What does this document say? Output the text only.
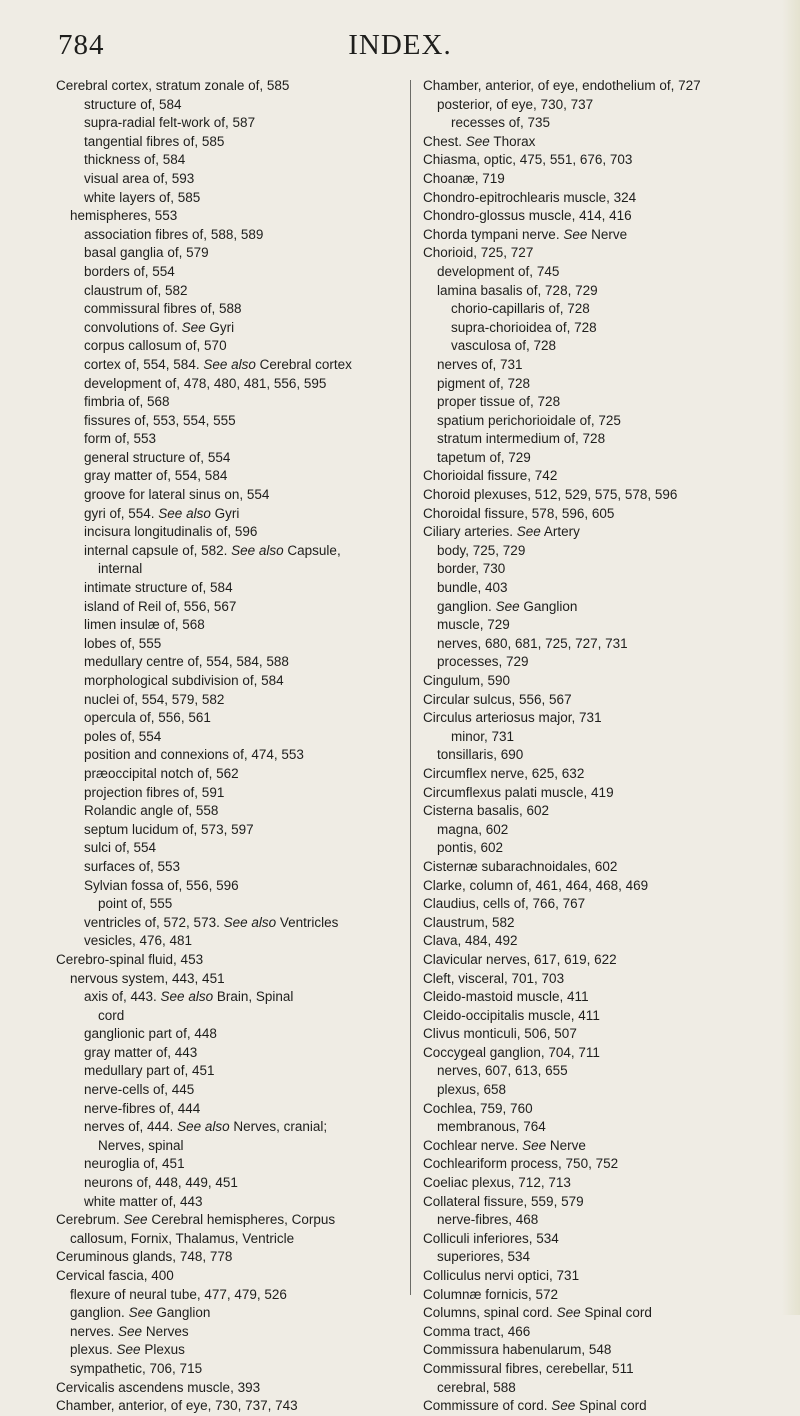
784	INDEX.
Cerebral cortex, stratum zonale of, 585
structure of, 584
supra-radial felt-work of, 587
tangential fibres of, 585
thickness of, 584
visual area of, 593
white layers of, 585
hemispheres, 553
association fibres of, 588, 589
basal ganglia of, 579
borders of, 554
claustrum of, 582
commissural fibres of, 588
convolutions of. See Gyri
corpus callosum of, 570
cortex of, 554, 584. See also Cerebral cortex
development of, 478, 480, 481, 556, 595
fimbria of, 568
fissures of, 553, 554, 555
form of, 553
general structure of, 554
gray matter of, 554, 584
groove for lateral sinus on, 554
gyri of, 554. See also Gyri
incisura longitudinalis of, 596
internal capsule of, 582. See also Capsule,
internal
intimate structure of, 584
island of Reil of, 556, 567
limen insulæ of, 568
lobes of, 555
medullary centre of, 554, 584, 588
morphological subdivision of, 584
nuclei of, 554, 579, 582
opercula of, 556, 561
poles of, 554
position and connexions of, 474, 553
præoccipital notch of, 562
projection fibres of, 591
Rolandic angle of, 558
septum lucidum of, 573, 597
sulci of, 554
surfaces of, 553
Sylvian fossa of, 556, 596
point of, 555
ventricles of, 572, 573. See also Ventricles
vesicles, 476, 481
Cerebro-spinal fluid, 453
nervous system, 443, 451
axis of, 443. See also Brain, Spinal
cord
ganglionic part of, 448
gray matter of, 443
medullary part of, 451
nerve-cells of, 445
nerve-fibres of, 444
nerves of, 444. See also Nerves, cranial;
Nerves, spinal
neuroglia of, 451
neurons of, 448, 449, 451
white matter of, 443
Cerebrum. See Cerebral hemispheres, Corpus
callosum, Fornix, Thalamus, Ventricle
Ceruminous glands, 748, 778
Cervical fascia, 400
flexure of neural tube, 477, 479, 526
ganglion. See Ganglion
nerves. See Nerves
plexus. See Plexus
sympathetic, 706, 715
Cervicalis ascendens muscle, 393
Chamber, anterior, of eye, 730, 737, 743
Chamber, anterior, of eye, endothelium of, 727
posterior, of eye, 730, 737
recesses of, 735
Chest. See Thorax
Chiasma, optic, 475, 551, 676, 703
Choanæ, 719
Chondro-epitrochlearis muscle, 324
Chondro-glossus muscle, 414, 416
Chorda tympani nerve. See Nerve
Chorioid, 725, 727
development of, 745
lamina basalis of, 728, 729
chorio-capillaris of, 728
supra-chorioidea of, 728
vasculosa of, 728
nerves of, 731
pigment of, 728
proper tissue of, 728
spatium perichorioidale of, 725
stratum intermedium of, 728
tapetum of, 729
Chorioidal fissure, 742
Choroid plexuses, 512, 529, 575, 578, 596
Choroidal fissure, 578, 596, 605
Ciliary arteries. See Artery
body, 725, 729
border, 730
bundle, 403
ganglion. See Ganglion
muscle, 729
nerves, 680, 681, 725, 727, 731
processes, 729
Cingulum, 590
Circular sulcus, 556, 567
Circulus arteriosus major, 731
minor, 731
tonsillaris, 690
Circumflex nerve, 625, 632
Circumflexus palati muscle, 419
Cisterna basalis, 602
magna, 602
pontis, 602
Cisternæ subarachnoidales, 602
Clarke, column of, 461, 464, 468, 469
Claudius, cells of, 766, 767
Claustrum, 582
Clava, 484, 492
Clavicular nerves, 617, 619, 622
Cleft, visceral, 701, 703
Cleido-mastoid muscle, 411
Cleido-occipitalis muscle, 411
Clivus monticuli, 506, 507
Coccygeal ganglion, 704, 711
nerves, 607, 613, 655
plexus, 658
Cochlea, 759, 760
membranous, 764
Cochlear nerve. See Nerve
Cochleariform process, 750, 752
Coeliac plexus, 712, 713
Collateral fissure, 559, 579
nerve-fibres, 468
Colliculi inferiores, 534
superiores, 534
Colliculus nervi optici, 731
Columnæ fornicis, 572
Columns, spinal cord. See Spinal cord
Comma tract, 466
Commissura habenularum, 548
Commissural fibres, cerebellar, 511
cerebral, 588
Commissure of cord. See Spinal cord
